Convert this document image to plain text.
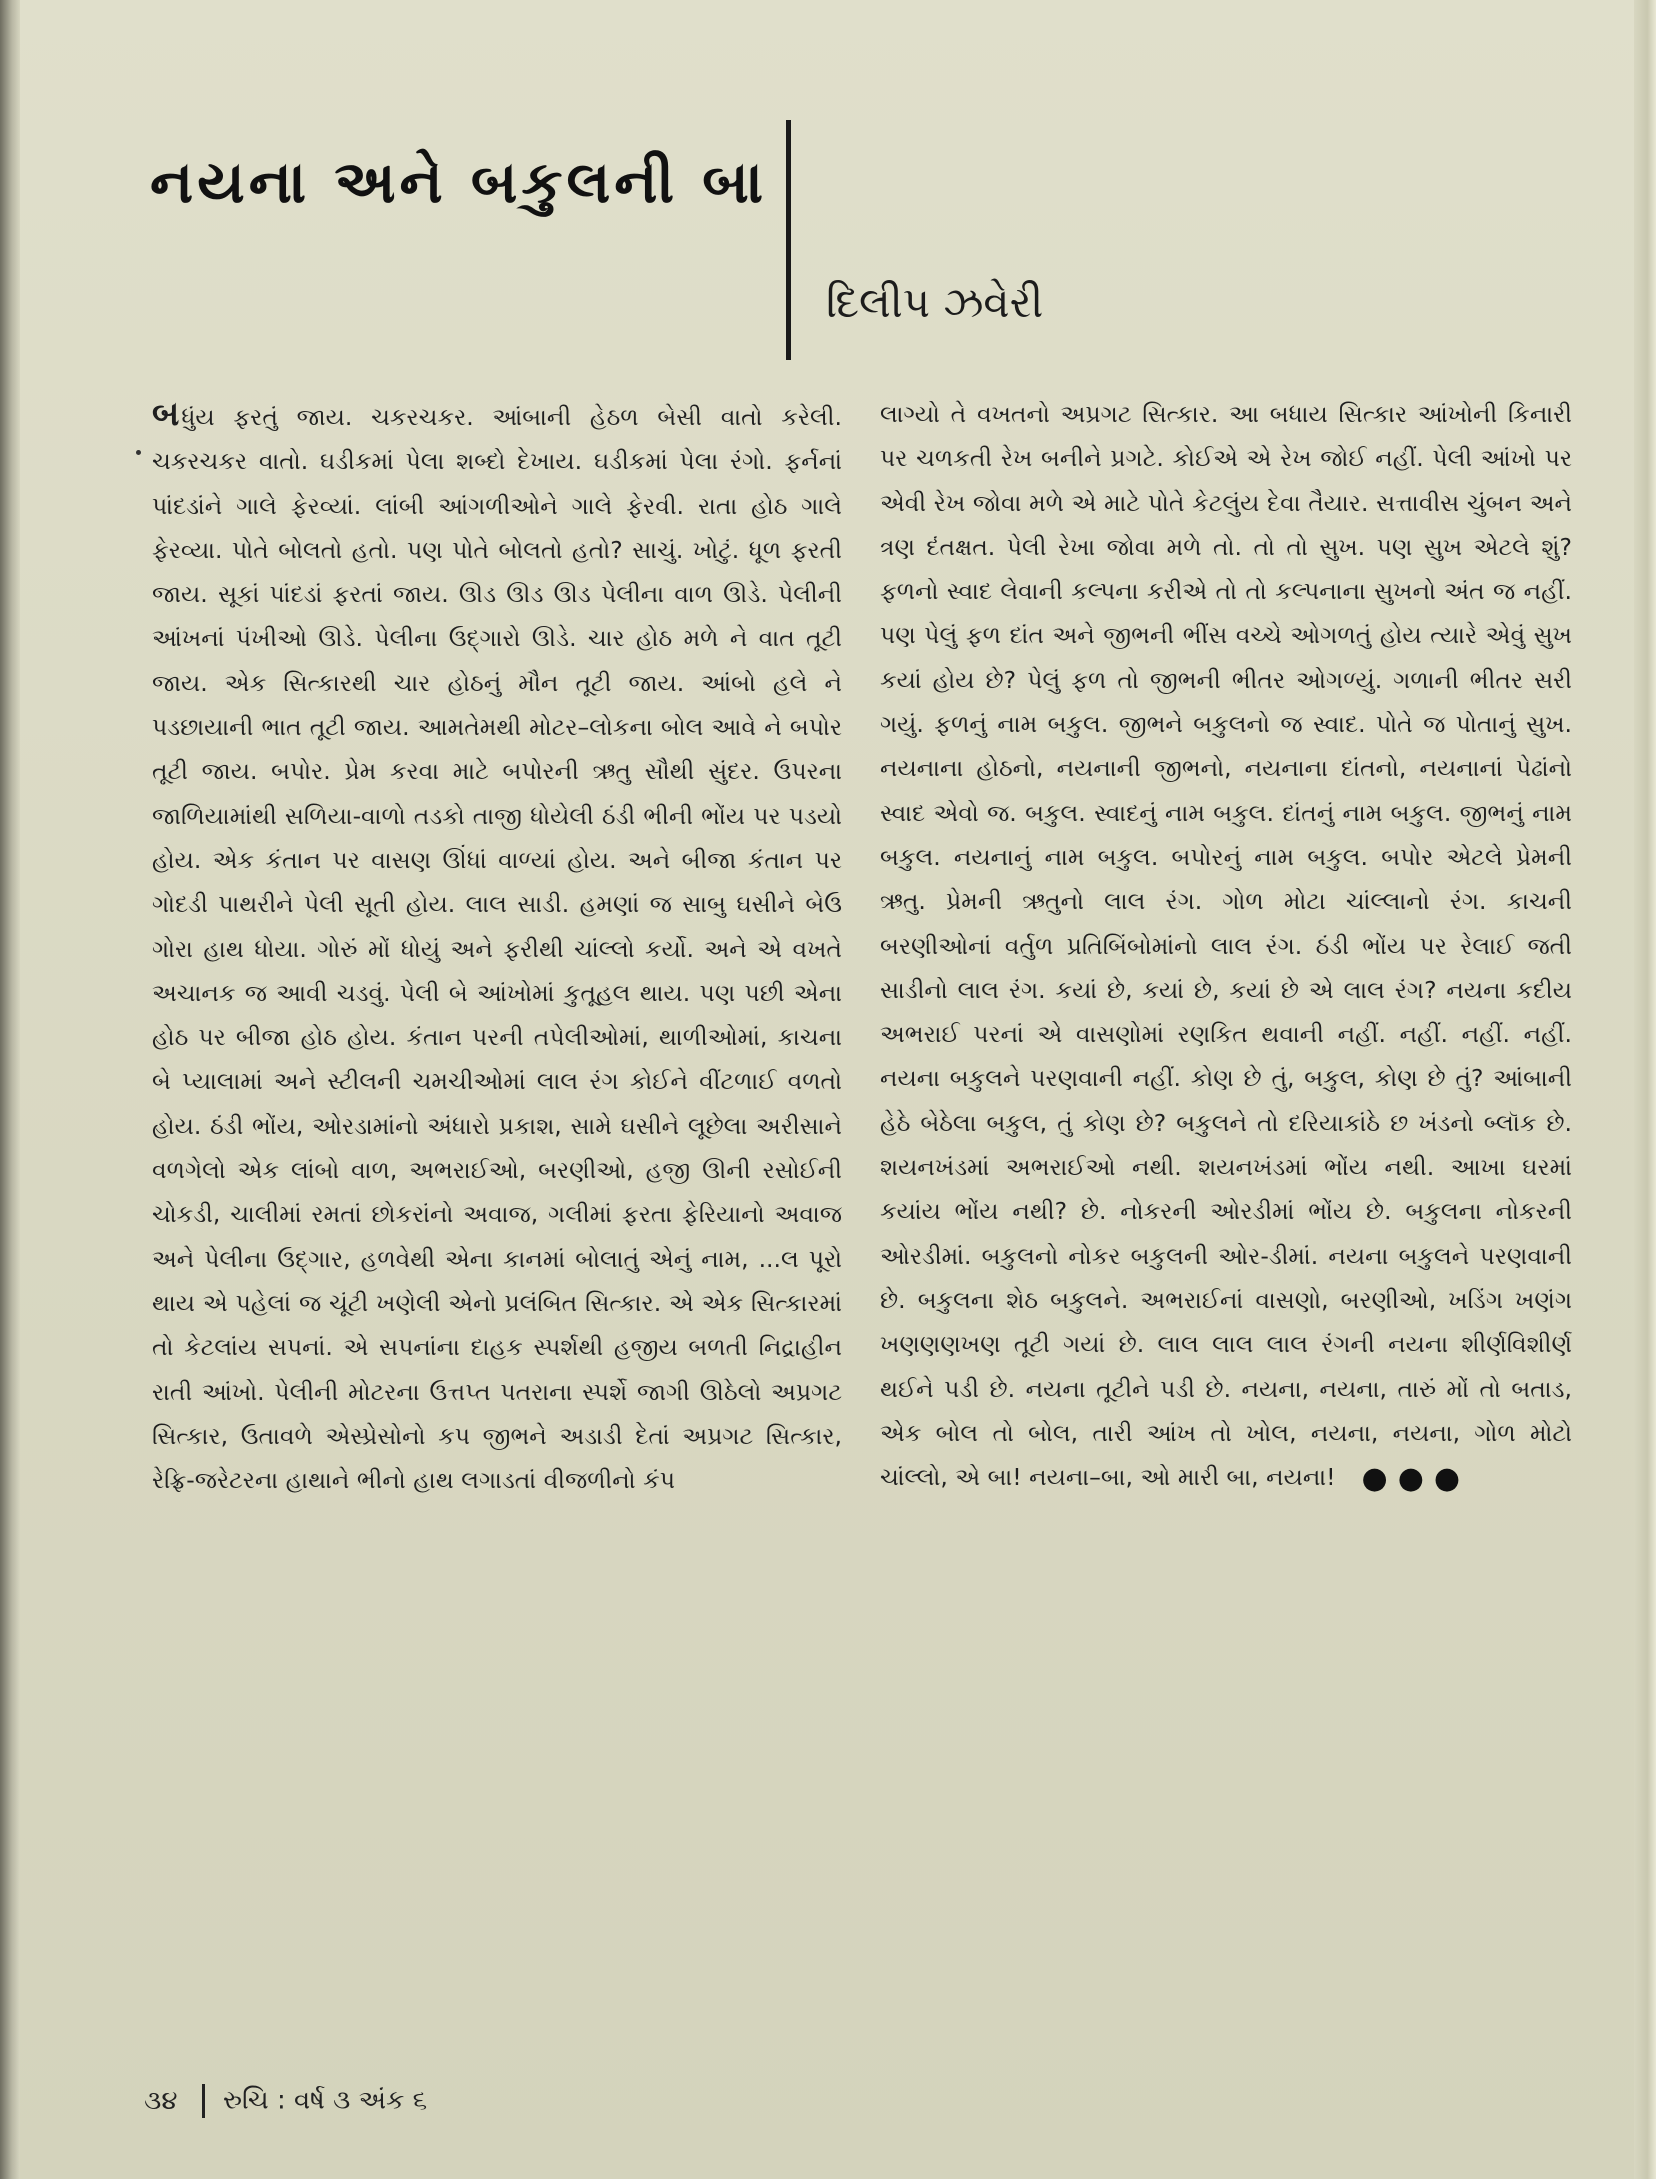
નયના અને બકુલની બા
દિલીપ ઝવેરી

બધુંય ફરતું જાય. ચકરચકર. આંબાની હેઠળ બેસી વાતો કરેલી. ચકરચકર વાતો. ઘડીકમાં પેલા શબ્દો દેખાય. ઘડીકમાં પેલા રંગો. ફર્નનાં પાંદડાંને ગાલે ફેરવ્યાં. લાંબી આંગળીઓને ગાલે ફેરવી. રાતા હોઠ ગાલે ફેરવ્યા. પોતે બોલતો હતો. પણ પોતે બોલતો હતો? સાચું. ખોટું. ધૂળ ફરતી જાય. સૂકાં પાંદડાં ફરતાં જાય. ઊડ ઊડ ઊડ પેલીના વાળ ઊડે. પેલીની આંખનાં પંખીઓ ઊડે. પેલીના ઉદ્ગારો ઊડે. ચાર હોઠ મળે ને વાત તૂટી જાય. એક સિત્કારથી ચાર હોઠનું મૌન તૂટી જાય. આંબો હલે ને પડછાયાની ભાત તૂટી જાય. આમતેમથી મોટર–લોકના બોલ આવે ને બપોર તૂટી જાય. બપોર. પ્રેમ કરવા માટે બપોરની ઋતુ સૌથી સુંદર. ઉપરના જાળિયામાંથી સળિયા-વાળો તડકો તાજી ધોયેલી ઠંડી ભીની ભોંય પર પડયો હોય. એક કંતાન પર વાસણ ઊંધાં વાળ્યાં હોય. અને બીજા કંતાન પર ગોદડી પાથરીને પેલી સૂતી હોય. લાલ સાડી. હમણાં જ સાબુ ઘસીને બેઉ ગોરા હાથ ધોયા. ગોરું મોં ધોયું અને ફરીથી ચાંલ્લો કર્યો. અને એ વખતે અચાનક જ આવી ચડવું. પેલી બે આંખોમાં કુતૂહલ થાય. પણ પછી એના હોઠ પર બીજા હોઠ હોય. કંતાન પરની તપેલીઓમાં, થાળીઓમાં, કાચના બે પ્યાલામાં અને સ્ટીલની ચમચીઓમાં લાલ રંગ કોઈને વીંટળાઈ વળતો હોય. ઠંડી ભોંય, ઓરડામાંનો અંધારો પ્રકાશ, સામે ઘસીને લૂછેલા અરીસાને વળગેલો એક લાંબો વાળ, અભરાઈઓ, બરણીઓ, હજી ઊની રસોઈની ચોકડી, ચાલીમાં રમતાં છોકરાંનો અવાજ, ગલીમાં ફરતા ફેરિયાનો અવાજ અને પેલીના ઉદ્ગાર, હળવેથી એના કાનમાં બોલાતું એનું નામ, ...લ પૂરો થાય એ પહેલાં જ ચૂંટી ખણેલી એનો પ્રલંબિત સિત્કાર. એ એક સિત્કારમાં તો કેટલાંય સપનાં. એ સપનાંના દાહક સ્પર્શથી હજીય બળતી નિદ્રાહીન રાતી આંખો. પેલીની મોટરના ઉત્તપ્ત પતરાના સ્પર્શે જાગી ઊઠેલો અપ્રગટ સિત્કાર, ઉતાવળે એસ્પ્રેસોનો કપ જીભને અડાડી દેતાં અપ્રગટ સિત્કાર, રેફ્રિ-જરેટરના હાથાને ભીનો હાથ લગાડતાં વીજળીનો કંપ

લાગ્યો તે વખતનો અપ્રગટ સિત્કાર. આ બધાય સિત્કાર આંખોની કિનારી પર ચળકતી રેખ બનીને પ્રગટે. કોઈએ એ રેખ જોઈ નહીં. પેલી આંખો પર એવી રેખ જોવા મળે એ માટે પોતે કેટલુંય દેવા તૈયાર. સત્તાવીસ ચુંબન અને ત્રણ દંતક્ષત. પેલી રેખા જોવા મળે તો. તો તો સુખ. પણ સુખ એટલે શું? ફળનો સ્વાદ લેવાની કલ્પના કરીએ તો તો કલ્પનાના સુખનો અંત જ નહીં. પણ પેલું ફળ દાંત અને જીભની ભીંસ વચ્ચે ઓગળતું હોય ત્યારે એવું સુખ કયાં હોય છે? પેલું ફળ તો જીભની ભીતર ઓગળ્યું. ગળાની ભીતર સરી ગયું. ફળનું નામ બકુલ. જીભને બકુલનો જ સ્વાદ. પોતે જ પોતાનું સુખ. નયનાના હોઠનો, નયનાની જીભનો, નયનાના દાંતનો, નયનાનાં પેઢાંનો સ્વાદ એવો જ. બકુલ. સ્વાદનું નામ બકુલ. દાંતનું નામ બકુલ. જીભનું નામ બકુલ. નયનાનું નામ બકુલ. બપોરનું નામ બકુલ. બપોર એટલે પ્રેમની ઋતુ. પ્રેમની ઋતુનો લાલ રંગ. ગોળ મોટા ચાંલ્લાનો રંગ. કાચની બરણીઓનાં વર્તુળ પ્રતિબિંબોમાંનો લાલ રંગ. ઠંડી ભોંય પર રેલાઈ જતી સાડીનો લાલ રંગ. કયાં છે, કયાં છે, કયાં છે એ લાલ રંગ? નયના કદીય અભરાઈ પરનાં એ વાસણોમાં રણકિત થવાની નહીં. નહીં. નહીં. નહીં. નયના બકુલને પરણવાની નહીં. કોણ છે તું, બકુલ, કોણ છે તું? આંબાની હેઠે બેઠેલા બકુલ, તું કોણ છે? બકુલને તો દરિયાકાંઠે છ ખંડનો બ્લૉક છે. શયનખંડમાં અભરાઈઓ નથી. શયનખંડમાં ભોંય નથી. આખા ઘરમાં કયાંય ભોંય નથી? છે. નોકરની ઓરડીમાં ભોંય છે. બકુલના નોકરની ઓરડીમાં. બકુલનો નોકર બકુલની ઓર-ડીમાં. નયના બકુલને પરણવાની છે. બકુલના શેઠ બકુલને. અભરાઈનાં વાસણો, બરણીઓ, ખડિંગ ખણંગ ખણણણખણ તૂટી ગયાં છે. લાલ લાલ લાલ રંગની નયના શીર્ણવિશીર્ણ થઈને પડી છે. નયના તૂટીને પડી છે. નયના, નયના, તારું મોં તો બતાડ, એક બોલ તો બોલ, તારી આંખ તો ખોલ, નયના, નયના, ગોળ મોટો ચાંલ્લો, એ બા! નયના–બા, ઓ મારી બા, નયના! ●●●

૩૪ રુચિ : વર્ષ ૩ અંક ૬
